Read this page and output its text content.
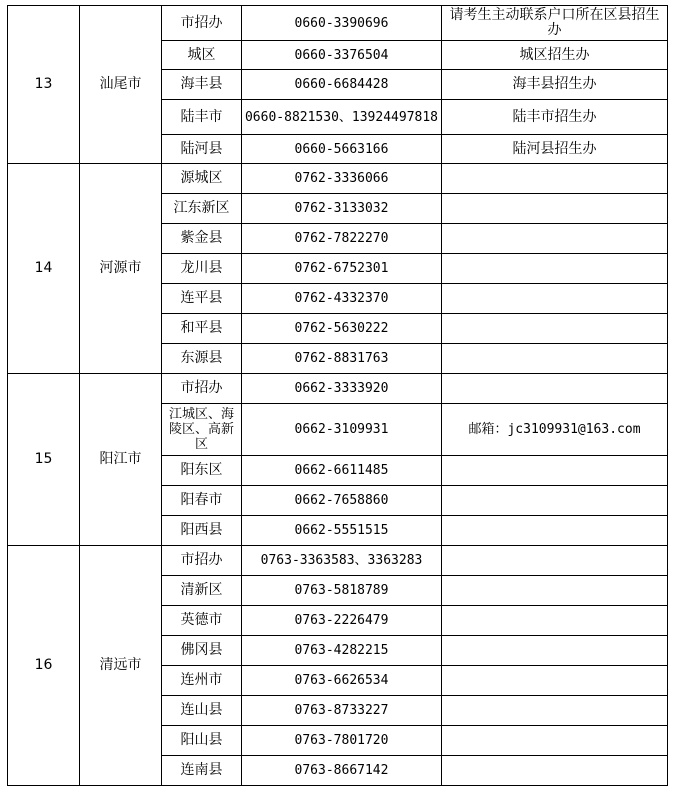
13	汕尾市	市招办	0660-3390696	请考生主动联系户口所在区县招生办
		城区	0660-3376504	城区招生办
		海丰县	0660-6684428	海丰县招生办
		陆丰市	0660-8821530、13924497818	陆丰市招生办
		陆河县	0660-5663166	陆河县招生办
14	河源市	源城区	0762-3336066	
		江东新区	0762-3133032	
		紫金县	0762-7822270	
		龙川县	0762-6752301	
		连平县	0762-4332370	
		和平县	0762-5630222	
		东源县	0762-8831763	
15	阳江市	市招办	0662-3333920	
		江城区、海陵区、高新区	0662-3109931	邮箱：jc3109931@163.com
		阳东区	0662-6611485	
		阳春市	0662-7658860	
		阳西县	0662-5551515	
16	清远市	市招办	0763-3363583、3363283	
		清新区	0763-5818789	
		英德市	0763-2226479	
		佛冈县	0763-4282215	
		连州市	0763-6626534	
		连山县	0763-8733227	
		阳山县	0763-7801720	
		连南县	0763-8667142	
